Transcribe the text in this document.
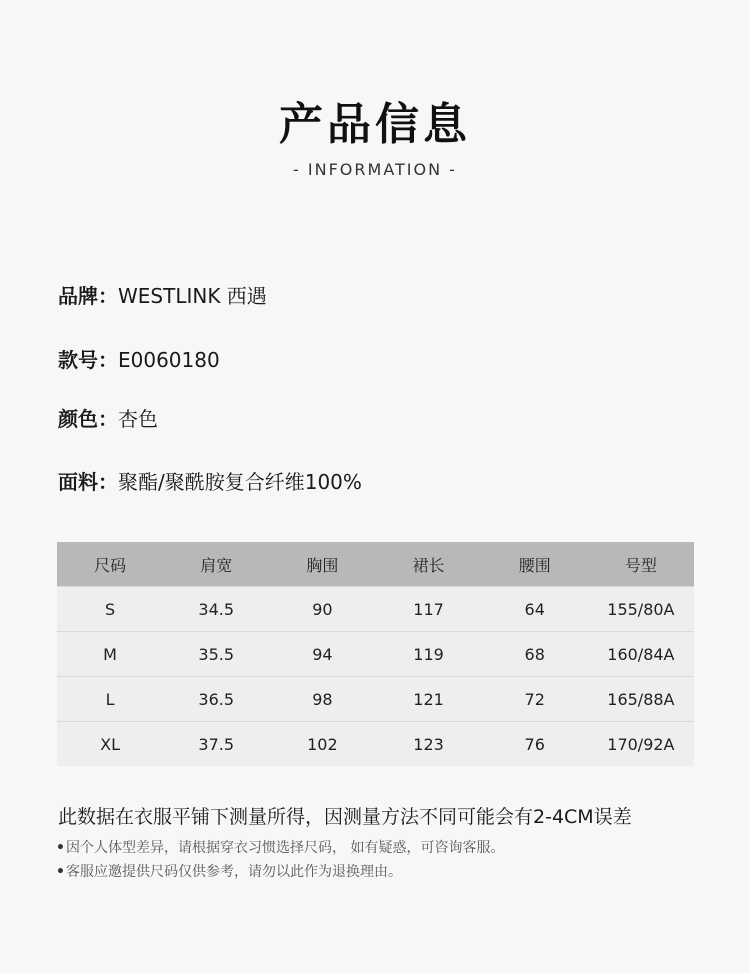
产品信息
- INFORMATION -
品牌：WESTLINK 西遇
款号：E0060180
颜色：杏色
面料：聚酯/聚酰胺复合纤维100%
尺码	肩宽	胸围	裙长	腰围	号型
S	34.5	90	117	64	155/80A
M	35.5	94	119	68	160/84A
L	36.5	98	121	72	165/88A
XL	37.5	102	123	76	170/92A
此数据在衣服平铺下测量所得，因测量方法不同可能会有2-4CM误差
•因个人体型差异，请根据穿衣习惯选择尺码， 如有疑惑，可咨询客服。
•客服应邀提供尺码仅供参考，请勿以此作为退换理由。
